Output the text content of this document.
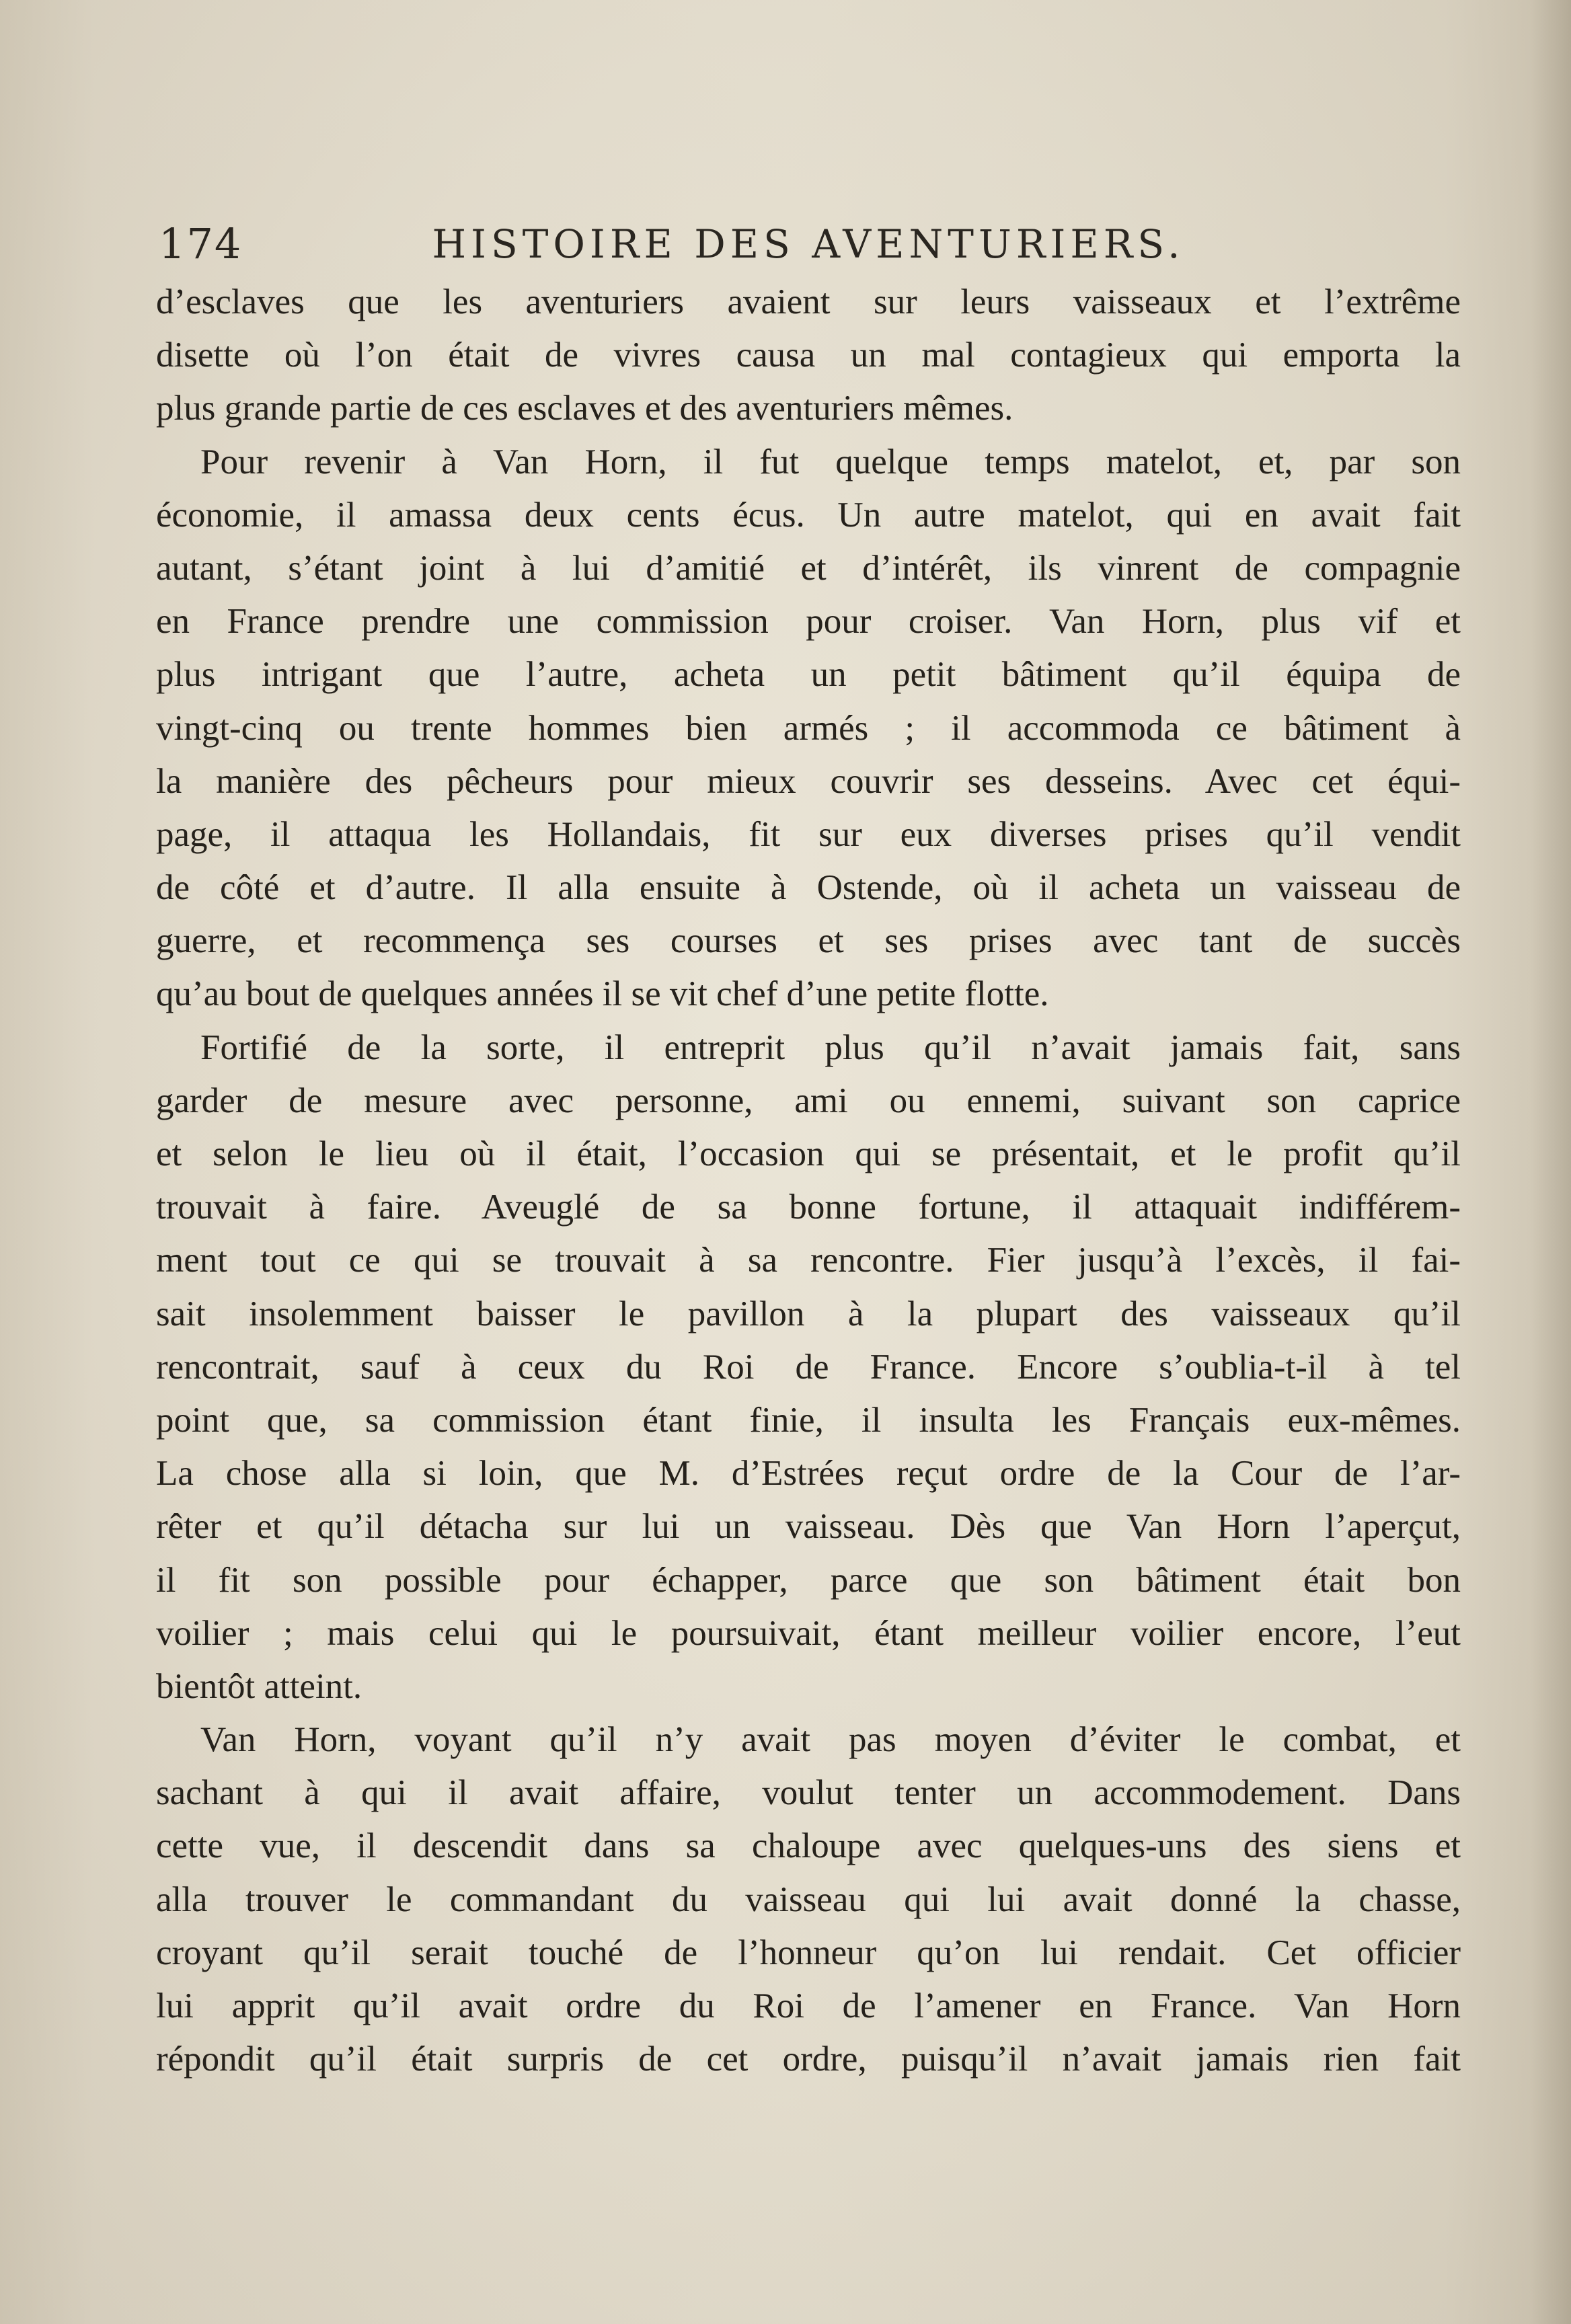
174	HISTOIRE DES AVENTURIERS.

d’esclaves que les aventuriers avaient sur leurs vaisseaux et l’extrême
disette où l’on était de vivres causa un mal contagieux qui emporta la
plus grande partie de ces esclaves et des aventuriers mêmes.

Pour revenir à Van Horn, il fut quelque temps matelot, et, par son
économie, il amassa deux cents écus. Un autre matelot, qui en avait fait
autant, s’étant joint à lui d’amitié et d’intérêt, ils vinrent de compagnie
en France prendre une commission pour croiser. Van Horn, plus vif et
plus intrigant que l’autre, acheta un petit bâtiment qu’il équipa de
vingt-cinq ou trente hommes bien armés ; il accommoda ce bâtiment à
la manière des pêcheurs pour mieux couvrir ses desseins. Avec cet équi-
page, il attaqua les Hollandais, fit sur eux diverses prises qu’il vendit
de côté et d’autre. Il alla ensuite à Ostende, où il acheta un vaisseau de
guerre, et recommença ses courses et ses prises avec tant de succès
qu’au bout de quelques années il se vit chef d’une petite flotte.

Fortifié de la sorte, il entreprit plus qu’il n’avait jamais fait, sans
garder de mesure avec personne, ami ou ennemi, suivant son caprice
et selon le lieu où il était, l’occasion qui se présentait, et le profit qu’il
trouvait à faire. Aveuglé de sa bonne fortune, il attaquait indifférem-
ment tout ce qui se trouvait à sa rencontre. Fier jusqu’à l’excès, il fai-
sait insolemment baisser le pavillon à la plupart des vaisseaux qu’il
rencontrait, sauf à ceux du Roi de France. Encore s’oublia-t-il à tel
point que, sa commission étant finie, il insulta les Français eux-mêmes.
La chose alla si loin, que M. d’Estrées reçut ordre de la Cour de l’ar-
rêter et qu’il détacha sur lui un vaisseau. Dès que Van Horn l’aperçut,
il fit son possible pour échapper, parce que son bâtiment était bon
voilier ; mais celui qui le poursuivait, étant meilleur voilier encore, l’eut
bientôt atteint.

Van Horn, voyant qu’il n’y avait pas moyen d’éviter le combat, et
sachant à qui il avait affaire, voulut tenter un accommodement. Dans
cette vue, il descendit dans sa chaloupe avec quelques-uns des siens et
alla trouver le commandant du vaisseau qui lui avait donné la chasse,
croyant qu’il serait touché de l’honneur qu’on lui rendait. Cet officier
lui apprit qu’il avait ordre du Roi de l’amener en France. Van Horn
répondit qu’il était surpris de cet ordre, puisqu’il n’avait jamais rien fait
